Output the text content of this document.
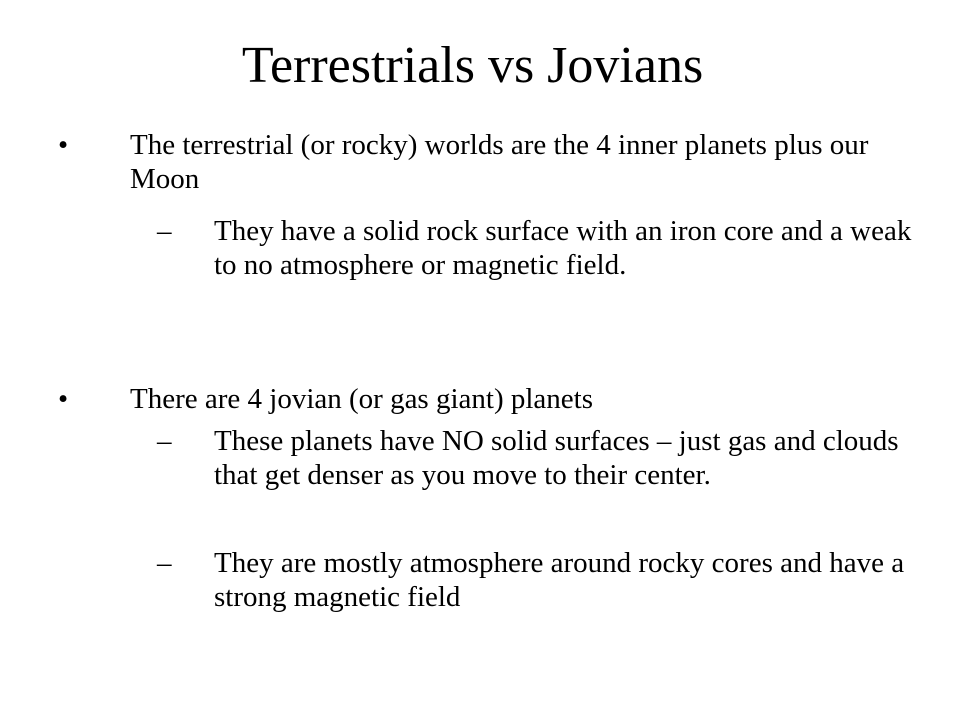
Terrestrials vs Jovians
• The terrestrial (or rocky) worlds are the 4 inner planets plus our Moon
– They have a solid rock surface with an iron core and a weak to no atmosphere or magnetic field.
• There are 4 jovian (or gas giant) planets
– These planets have NO solid surfaces – just gas and clouds that get denser as you move to their center.
– They are mostly atmosphere around rocky cores and have a strong magnetic field
